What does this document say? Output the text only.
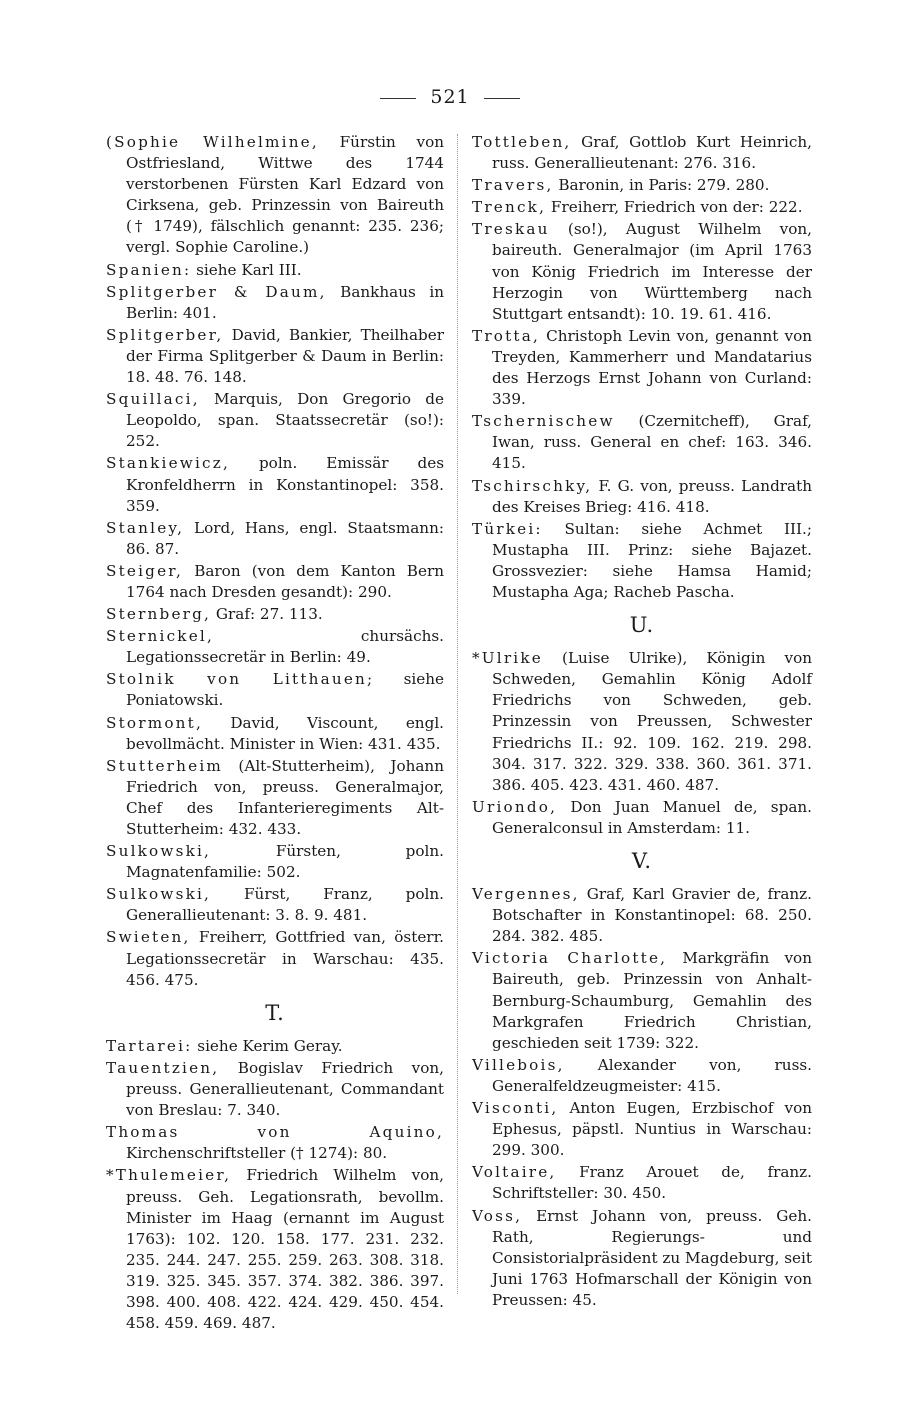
521

(Sophie Wilhelmine, Fürstin von Ostfriesland, Wittwe des 1744 verstorbenen Fürsten Karl Edzard von Cirksena, geb. Prinzessin von Baireuth († 1749), fälschlich genannt: 235. 236; vergl. Sophie Caroline.)

Spanien: siehe Karl III.

Splitgerber & Daum, Bankhaus in Berlin: 401.

Splitgerber, David, Bankier, Theilhaber der Firma Splitgerber & Daum in Berlin: 18. 48. 76. 148.

Squillaci, Marquis, Don Gregorio de Leopoldo, span. Staatssecretär (so!): 252.

Stankiewicz, poln. Emissär des Kronfeldherrn in Konstantinopel: 358. 359.

Stanley, Lord, Hans, engl. Staatsmann: 86. 87.

Steiger, Baron (von dem Kanton Bern 1764 nach Dresden gesandt): 290.

Sternberg, Graf: 27. 113.

Sternickel, chursächs. Legationssecretär in Berlin: 49.

Stolnik von Litthauen; siehe Poniatowski.

Stormont, David, Viscount, engl. bevollmächt. Minister in Wien: 431. 435.

Stutterheim (Alt-Stutterheim), Johann Friedrich von, preuss. Generalmajor, Chef des Infanterieregiments Alt-Stutterheim: 432. 433.

Sulkowski, Fürsten, poln. Magnatenfamilie: 502.

Sulkowski, Fürst, Franz, poln. Generallieutenant: 3. 8. 9. 481.

Swieten, Freiherr, Gottfried van, österr. Legationssecretär in Warschau: 435. 456. 475.

T.

Tartarei: siehe Kerim Geray.

Tauentzien, Bogislav Friedrich von, preuss. Generallieutenant, Commandant von Breslau: 7. 340.

Thomas von Aquino, Kirchenschriftsteller († 1274): 80.

*Thulemeier, Friedrich Wilhelm von, preuss. Geh. Legationsrath, bevollm. Minister im Haag (ernannt im August 1763): 102. 120. 158. 177. 231. 232. 235. 244. 247. 255. 259. 263. 308. 318. 319. 325. 345. 357. 374. 382. 386. 397. 398. 400. 408. 422. 424. 429. 450. 454. 458. 459. 469. 487.

Tottleben, Graf, Gottlob Kurt Heinrich, russ. Generallieutenant: 276. 316.

Travers, Baronin, in Paris: 279. 280.

Trenck, Freiherr, Friedrich von der: 222.

Treskau (so!), August Wilhelm von, baireuth. Generalmajor (im April 1763 von König Friedrich im Interesse der Herzogin von Württemberg nach Stuttgart entsandt): 10. 19. 61. 416.

Trotta, Christoph Levin von, genannt von Treyden, Kammerherr und Mandatarius des Herzogs Ernst Johann von Curland: 339.

Tschernischew (Czernitcheff), Graf, Iwan, russ. General en chef: 163. 346. 415.

Tschirschky, F. G. von, preuss. Landrath des Kreises Brieg: 416. 418.

Türkei: Sultan: siehe Achmet III.; Mustapha III. Prinz: siehe Bajazet. Grossvezier: siehe Hamsa Hamid; Mustapha Aga; Racheb Pascha.

U.

*Ulrike (Luise Ulrike), Königin von Schweden, Gemahlin König Adolf Friedrichs von Schweden, geb. Prinzessin von Preussen, Schwester Friedrichs II.: 92. 109. 162. 219. 298. 304. 317. 322. 329. 338. 360. 361. 371. 386. 405. 423. 431. 460. 487.

Uriondo, Don Juan Manuel de, span. Generalconsul in Amsterdam: 11.

V.

Vergennes, Graf, Karl Gravier de, franz. Botschafter in Konstantinopel: 68. 250. 284. 382. 485.

Victoria Charlotte, Markgräfin von Baireuth, geb. Prinzessin von Anhalt-Bernburg-Schaumburg, Gemahlin des Markgrafen Friedrich Christian, geschieden seit 1739: 322.

Villebois, Alexander von, russ. Generalfeldzeugmeister: 415.

Visconti, Anton Eugen, Erzbischof von Ephesus, päpstl. Nuntius in Warschau: 299. 300.

Voltaire, Franz Arouet de, franz. Schriftsteller: 30. 450.

Voss, Ernst Johann von, preuss. Geh. Rath, Regierungs- und Consistorialpräsident zu Magdeburg, seit Juni 1763 Hofmarschall der Königin von Preussen: 45.
